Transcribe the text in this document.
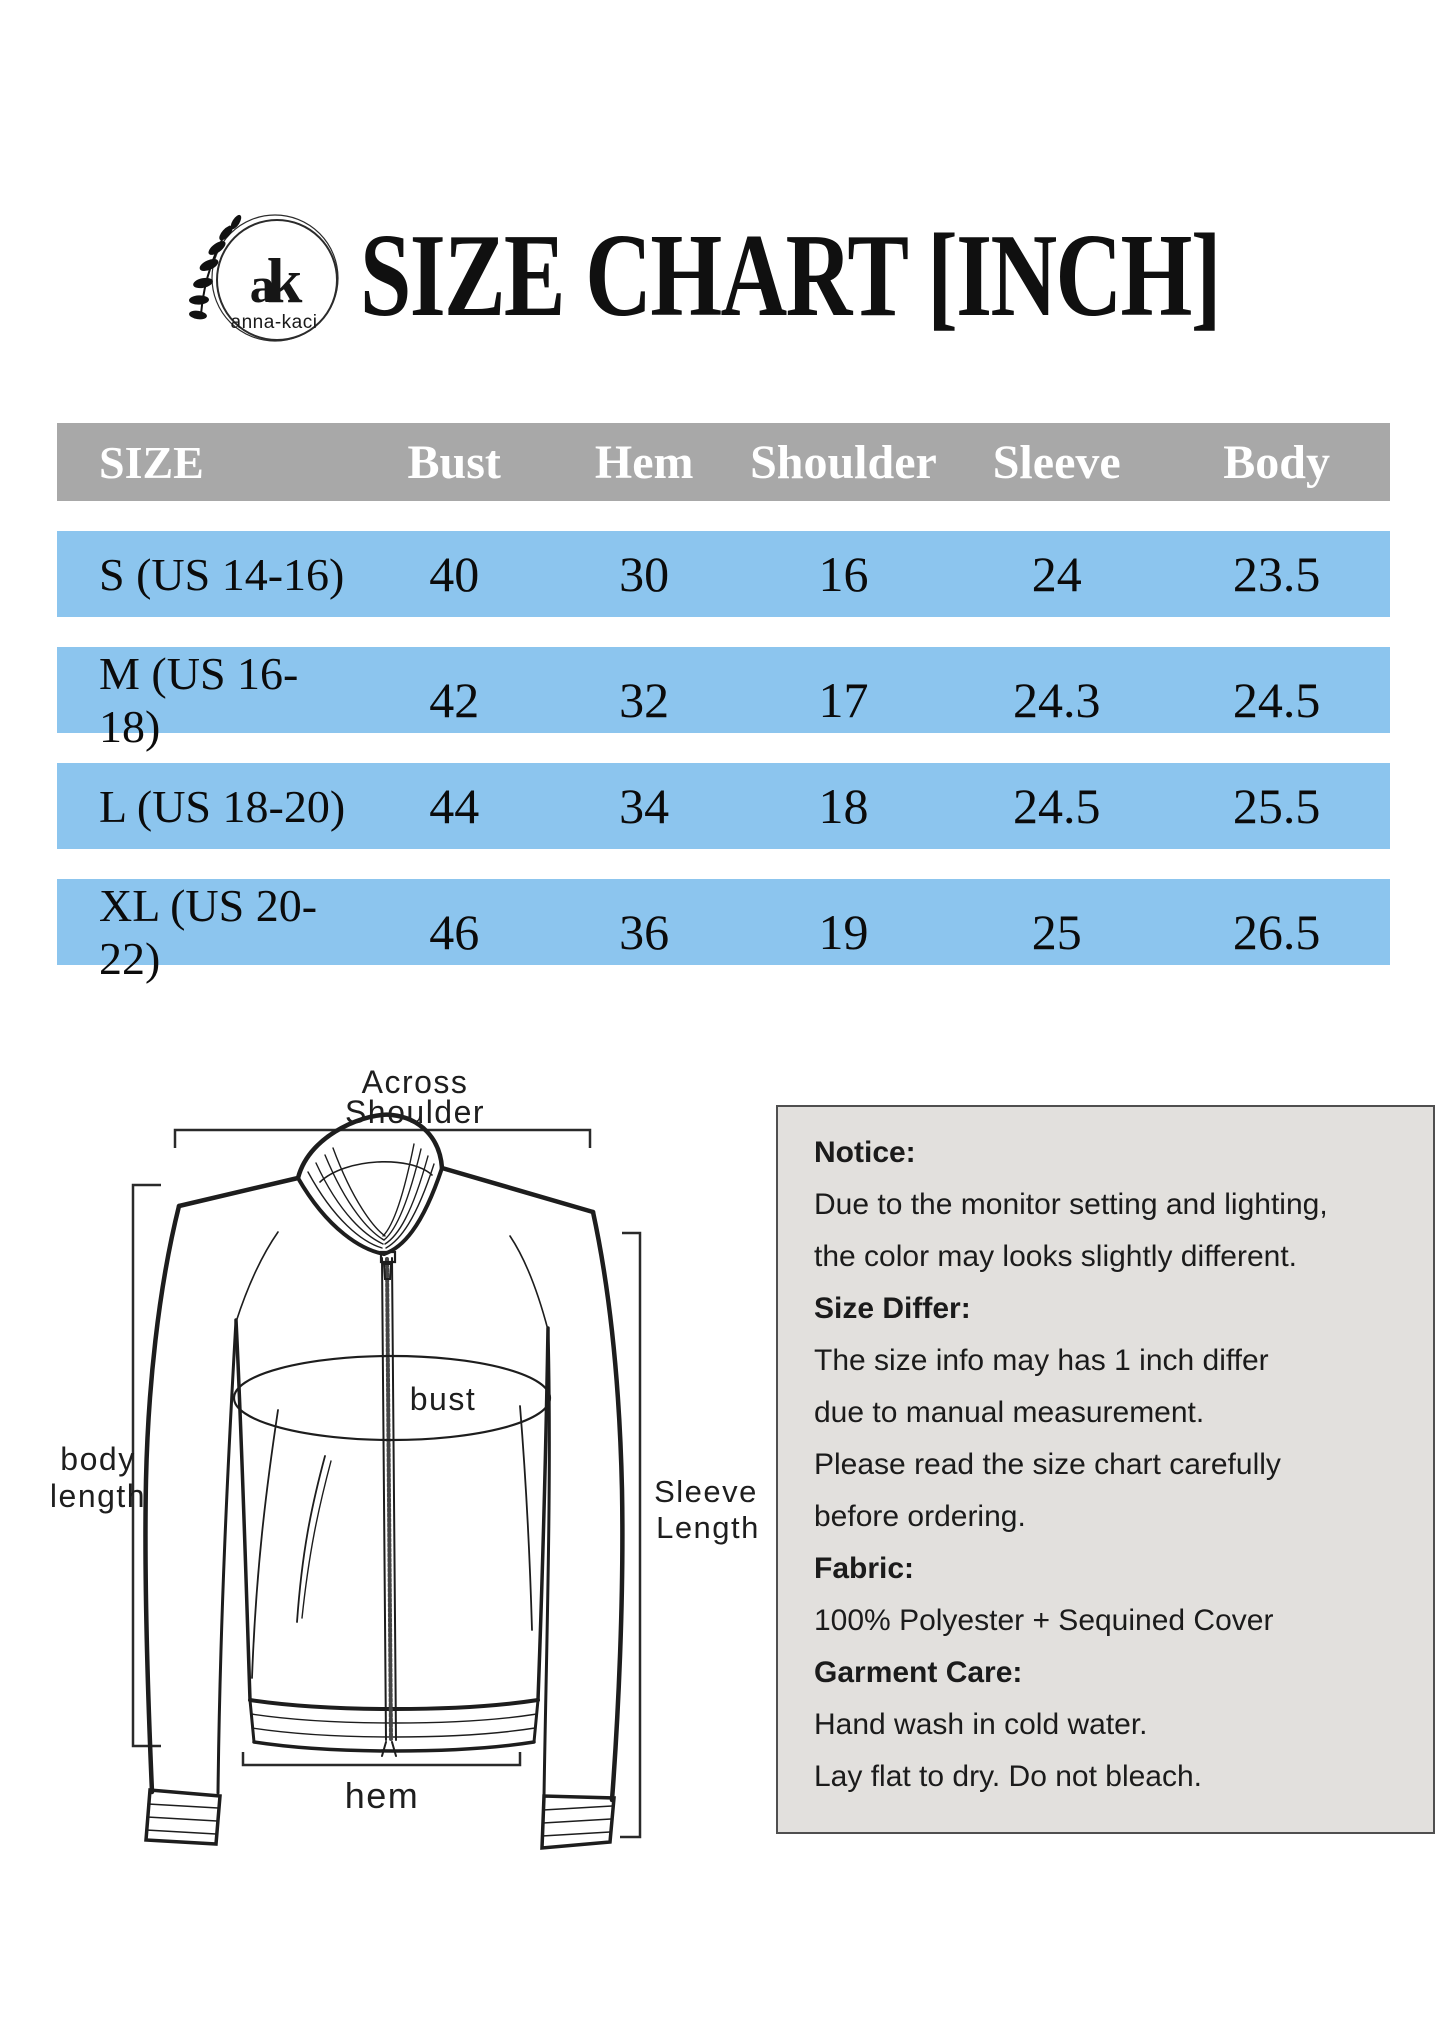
ak
anna-kaci SIZE CHART [INCH]
SIZE	Bust	Hem	Shoulder	Sleeve	Body
S (US 14-16)	40	30	16	24	23.5
M (US 16-18)	42	32	17	24.3	24.5
L (US 18-20)	44	34	18	24.5	25.5
XL (US 20-22)	46	36	19	25	26.5
Across
Shoulder
body
length
bust
Sleeve
Length
hem
Notice:
Due to the monitor setting and lighting,
the color may looks slightly different.
Size Differ:
The size info may has 1 inch differ
due to manual measurement.
Please read the size chart carefully
before ordering.
Fabric:
100% Polyester + Sequined Cover
Garment Care:
Hand wash in cold water.
Lay flat to dry. Do not bleach.
